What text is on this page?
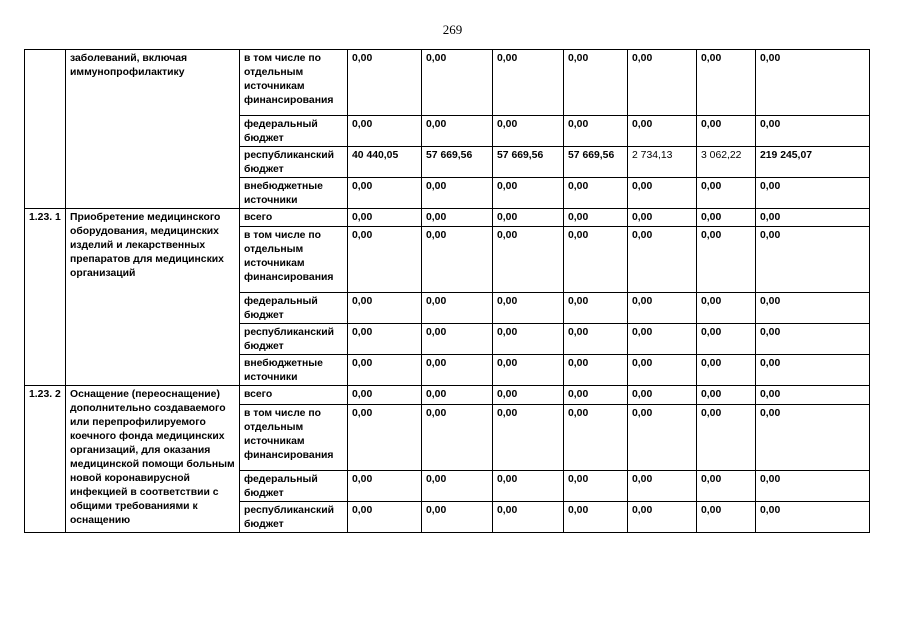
269
	заболеваний, включая иммунопрофилактику	в том числе по отдельным источникам финансирования	0,00	0,00	0,00	0,00	0,00	0,00	0,00
		федеральный бюджет	0,00	0,00	0,00	0,00	0,00	0,00	0,00
		республиканский бюджет	40 440,05	57 669,56	57 669,56	57 669,56	2 734,13	3 062,22	219 245,07
		внебюджетные источники	0,00	0,00	0,00	0,00	0,00	0,00	0,00
1.23. 1	Приобретение медицинского оборудования, медицинских изделий и лекарственных препаратов для медицинских организаций	всего	0,00	0,00	0,00	0,00	0,00	0,00	0,00
		в том числе по отдельным источникам финансирования	0,00	0,00	0,00	0,00	0,00	0,00	0,00
		федеральный бюджет	0,00	0,00	0,00	0,00	0,00	0,00	0,00
		республиканский бюджет	0,00	0,00	0,00	0,00	0,00	0,00	0,00
		внебюджетные источники	0,00	0,00	0,00	0,00	0,00	0,00	0,00
1.23. 2	Оснащение (переоснащение) дополнительно создаваемого или перепрофилируемого коечного фонда медицинских организаций, для оказания медицинской помощи больным новой коронавирусной инфекцией в соответствии с общими требованиями к оснащению	всего	0,00	0,00	0,00	0,00	0,00	0,00	0,00
		в том числе по отдельным источникам финансирования	0,00	0,00	0,00	0,00	0,00	0,00	0,00
		федеральный бюджет	0,00	0,00	0,00	0,00	0,00	0,00	0,00
		республиканский бюджет	0,00	0,00	0,00	0,00	0,00	0,00	0,00
